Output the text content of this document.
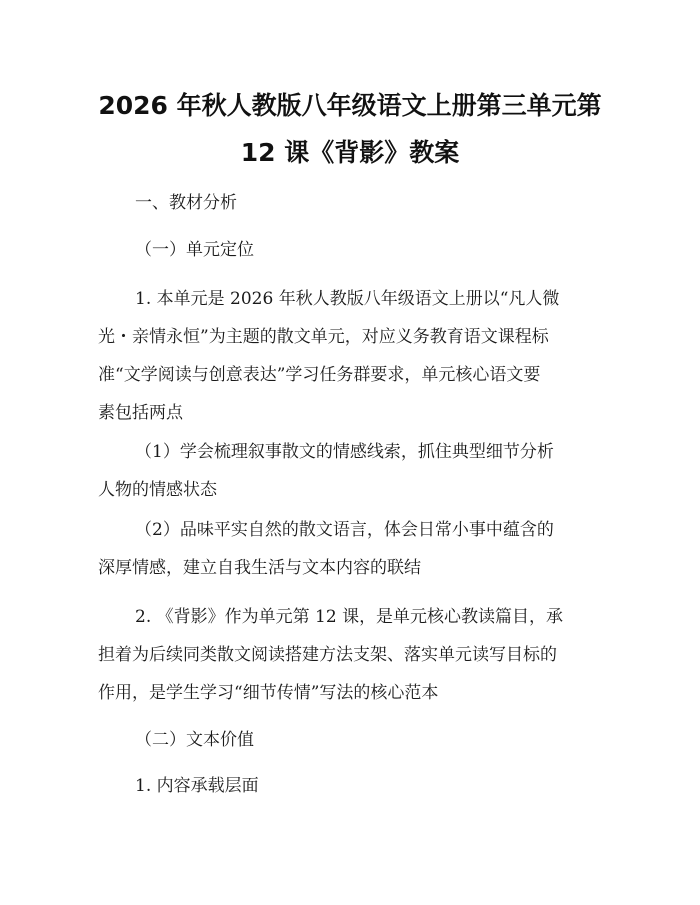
2026 年秋人教版八年级语文上册第三单元第
12 课《背影》教案
一、教材分析
（一）单元定位
1. 本单元是 2026 年秋人教版八年级语文上册以“凡人微
光・亲情永恒”为主题的散文单元，对应义务教育语文课程标
准“文学阅读与创意表达”学习任务群要求，单元核心语文要
素包括两点
（1）学会梳理叙事散文的情感线索，抓住典型细节分析
人物的情感状态
（2）品味平实自然的散文语言，体会日常小事中蕴含的
深厚情感，建立自我生活与文本内容的联结
2. 《背影》作为单元第 12 课，是单元核心教读篇目，承
担着为后续同类散文阅读搭建方法支架、落实单元读写目标的
作用，是学生学习“细节传情”写法的核心范本
（二）文本价值
1. 内容承载层面
